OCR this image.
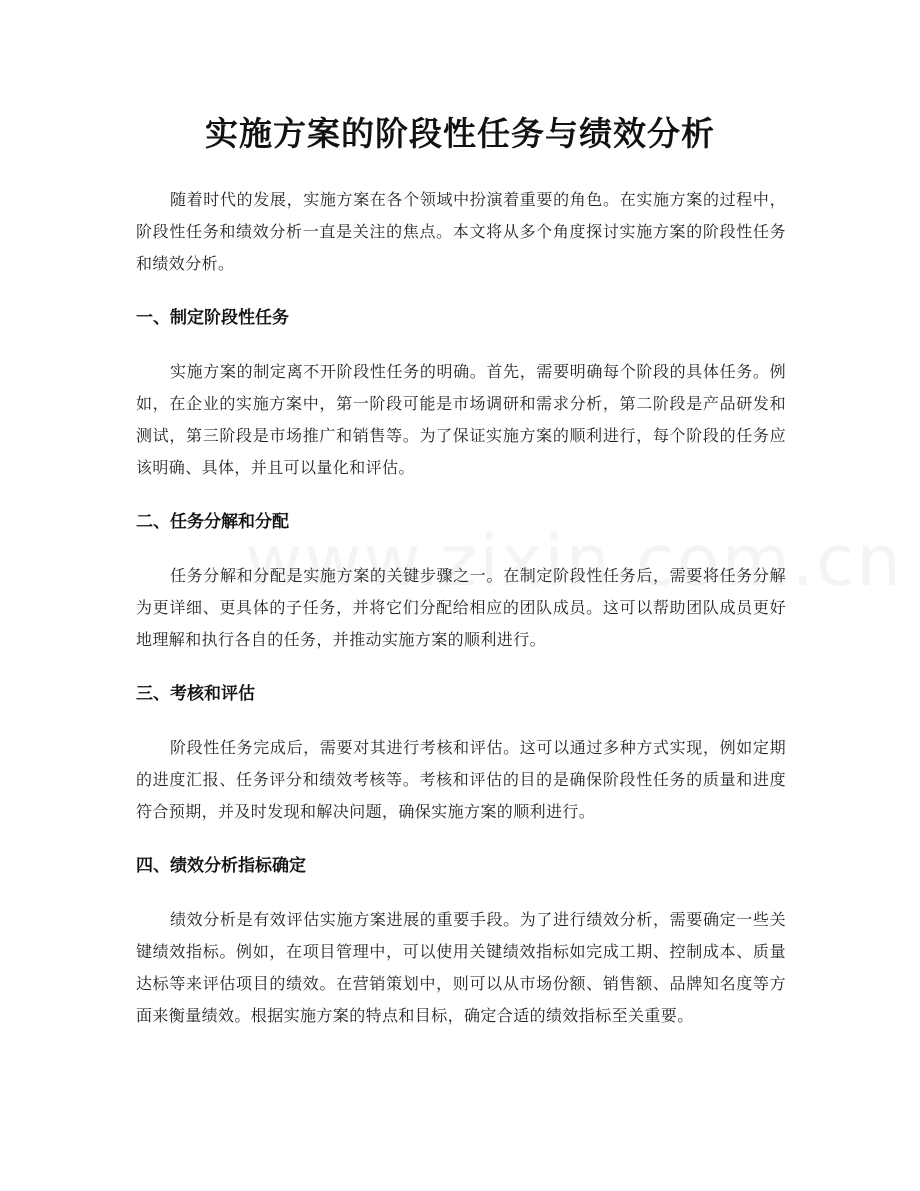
实施方案的阶段性任务与绩效分析

随着时代的发展，实施方案在各个领域中扮演着重要的角色。在实施方案的过程中，阶段性任务和绩效分析一直是关注的焦点。本文将从多个角度探讨实施方案的阶段性任务和绩效分析。

一、制定阶段性任务

实施方案的制定离不开阶段性任务的明确。首先，需要明确每个阶段的具体任务。例如，在企业的实施方案中，第一阶段可能是市场调研和需求分析，第二阶段是产品研发和测试，第三阶段是市场推广和销售等。为了保证实施方案的顺利进行，每个阶段的任务应该明确、具体，并且可以量化和评估。

二、任务分解和分配

任务分解和分配是实施方案的关键步骤之一。在制定阶段性任务后，需要将任务分解为更详细、更具体的子任务，并将它们分配给相应的团队成员。这可以帮助团队成员更好地理解和执行各自的任务，并推动实施方案的顺利进行。

三、考核和评估

阶段性任务完成后，需要对其进行考核和评估。这可以通过多种方式实现，例如定期的进度汇报、任务评分和绩效考核等。考核和评估的目的是确保阶段性任务的质量和进度符合预期，并及时发现和解决问题，确保实施方案的顺利进行。

四、绩效分析指标确定

绩效分析是有效评估实施方案进展的重要手段。为了进行绩效分析，需要确定一些关键绩效指标。例如，在项目管理中，可以使用关键绩效指标如完成工期、控制成本、质量达标等来评估项目的绩效。在营销策划中，则可以从市场份额、销售额、品牌知名度等方面来衡量绩效。根据实施方案的特点和目标，确定合适的绩效指标至关重要。
